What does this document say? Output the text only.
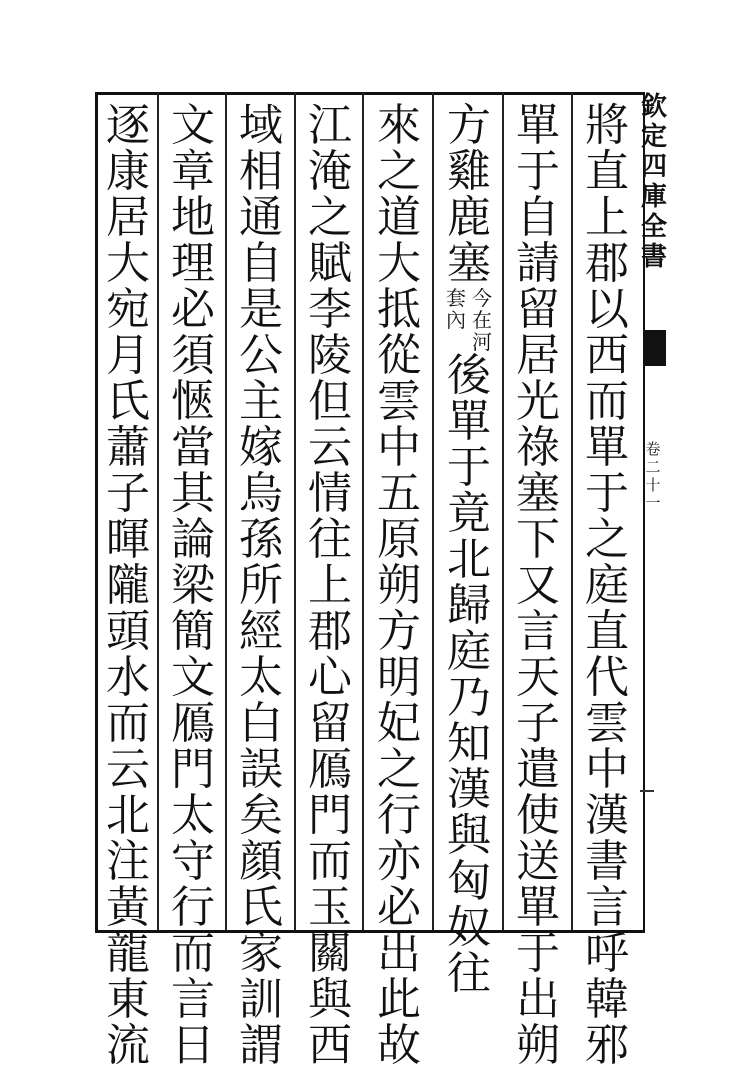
將
直
上
郡
以
西
而
單
于
之
庭
直
代
雲
中
漢
書
言
呼
韓
邪
單
于
自
請
留
居
光
祿
塞
下
又
言
天
子
遣
使
送
單
于
出
朔
方
雞
鹿
塞
今
在
河
套
內
後
單
于
竟
北
歸
庭
乃
知
漢
與
匈
奴
往
來
之
道
大
抵
從
雲
中
五
原
朔
方
明
妃
之
行
亦
必
出
此
故
江
淹
之
賦
李
陵
但
云
情
往
上
郡
心
留
鴈
門
而
玉
關
與
西
域
相
通
自
是
公
主
嫁
烏
孫
所
經
太
白
誤
矣
顔
氏
家
訓
謂
文
章
地
理
必
須
愜
當
其
論
梁
簡
文
鴈
門
太
守
行
而
言
日
逐
康
居
大
宛
月
氏
蕭
子
暉
隴
頭
水
而
云
北
注
黃
龍
東
流
欽
定
四
庫
全
書
卷
二
十
一
